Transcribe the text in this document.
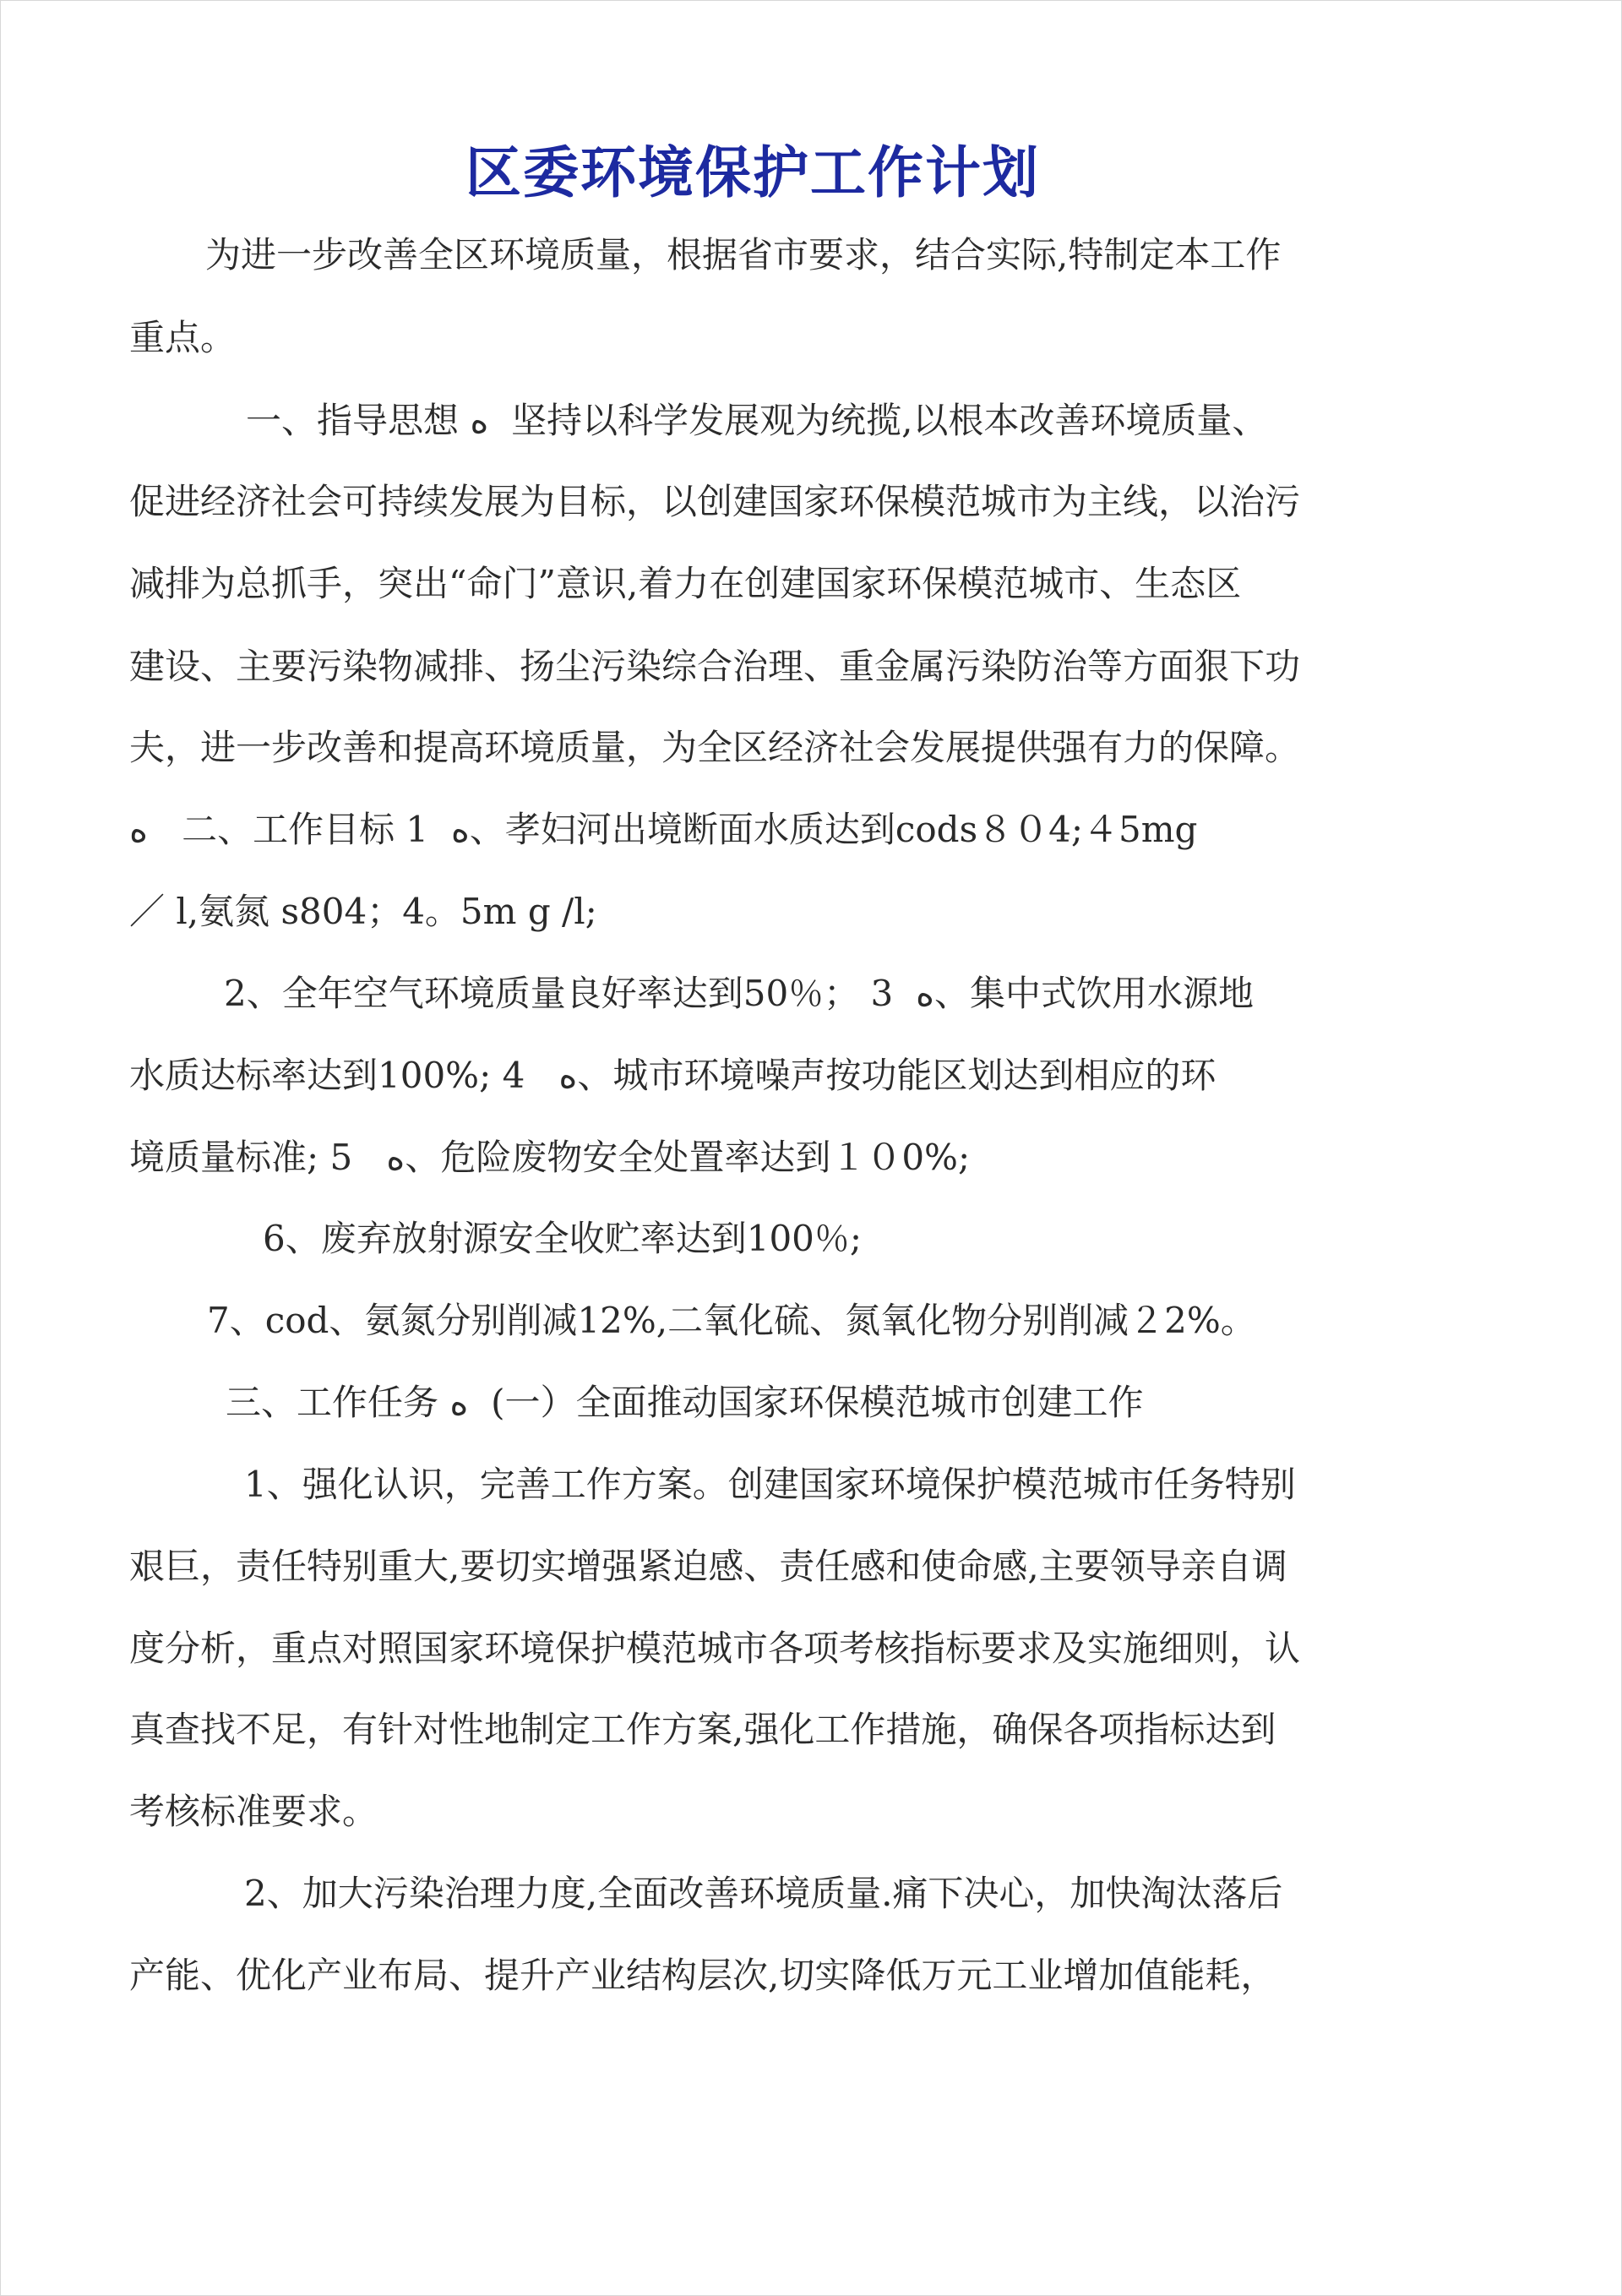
区委环境保护工作计划
为进一步改善全区环境质量，根据省市要求，结合实际,特制定本工作
重点。
一、指导思想 ﻩ  坚持以科学发展观为统揽,以根本改善环境质量、
促进经济社会可持续发展为目标，以创建国家环保模范城市为主线，以治污
减排为总抓手，突出“命门”意识,着力在创建国家环保模范城市、生态区
建设、主要污染物减排、扬尘污染综合治理、重金属污染防治等方面狠下功
夫，进一步改善和提高环境质量，为全区经济社会发展提供强有力的保障。
ﻩ   二、工作目标 ﻩ  1、孝妇河出境断面水质达到cods８０4;４5mg
／ l,氨氮 s804；4。5m g /l;
2、全年空气环境质量良好率达到50％； ﻩ  3、集中式饮用水源地
水质达标率达到100%; ﻩ   4、城市环境噪声按功能区划达到相应的环
境质量标准; ﻩ   5、危险废物安全处置率达到１０0%;
6、废弃放射源安全收贮率达到100％;
7、cod、氨氮分别削减12%,二氧化硫、氮氧化物分别削减２2%。
三、工作任务 ﻩ  (一）全面推动国家环保模范城市创建工作
1、强化认识，完善工作方案。创建国家环境保护模范城市任务特别
艰巨，责任特别重大,要切实增强紧迫感、责任感和使命感,主要领导亲自调
度分析，重点对照国家环境保护模范城市各项考核指标要求及实施细则，认
真查找不足，有针对性地制定工作方案,强化工作措施，确保各项指标达到
考核标准要求。
2、加大污染治理力度,全面改善环境质量.痛下决心，加快淘汰落后
产能、优化产业布局、提升产业结构层次,切实降低万元工业增加值能耗，
